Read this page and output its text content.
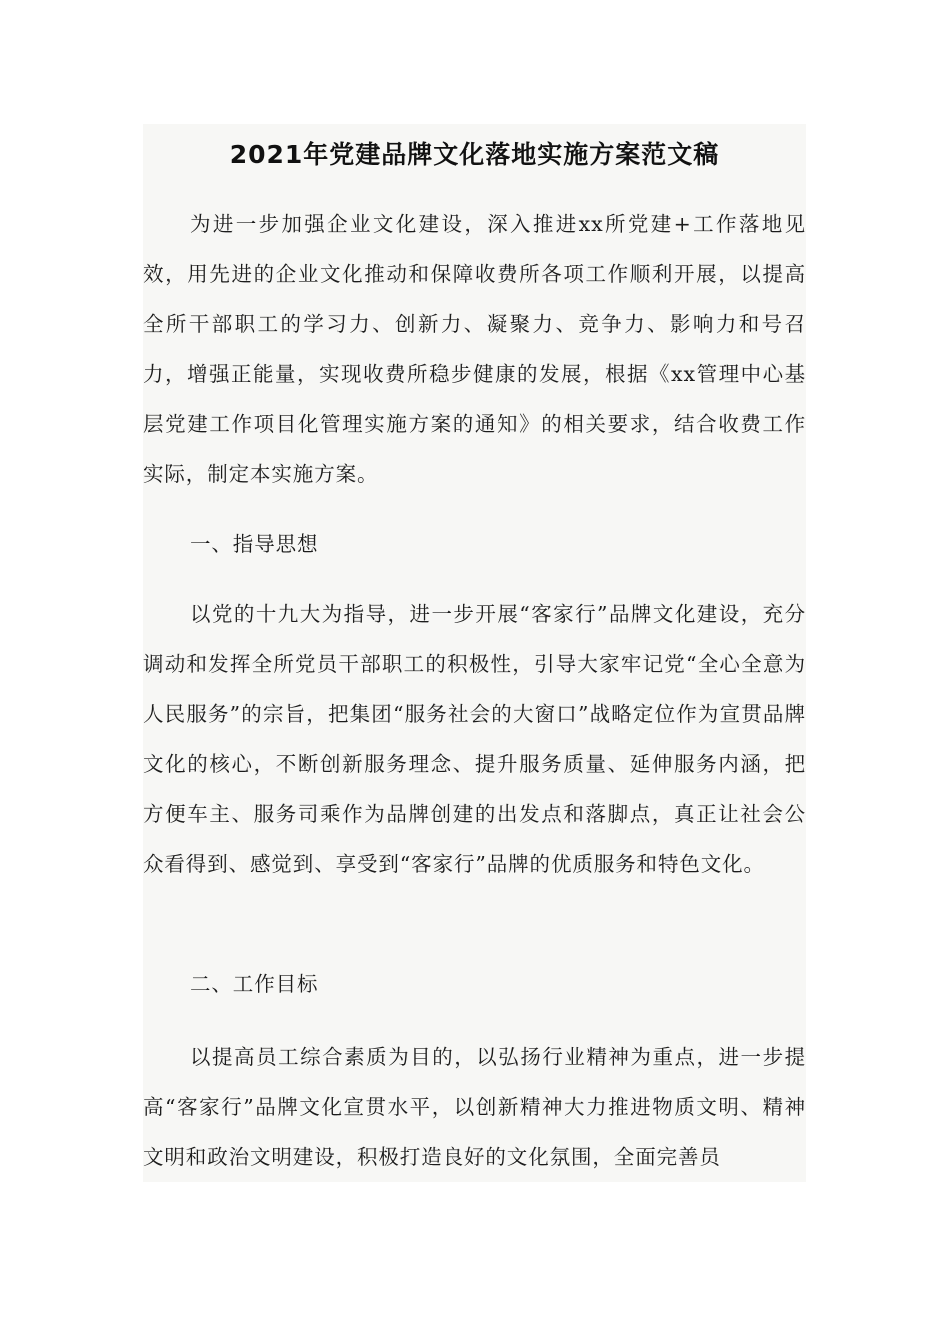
2021年党建品牌文化落地实施方案范文稿

为进一步加强企业文化建设，深入推进xx所党建+工作落地见效，用先进的企业文化推动和保障收费所各项工作顺利开展，以提高全所干部职工的学习力、创新力、凝聚力、竞争力、影响力和号召力，增强正能量，实现收费所稳步健康的发展，根据《xx管理中心基层党建工作项目化管理实施方案的通知》的相关要求，结合收费工作实际，制定本实施方案。

一、指导思想

以党的十九大为指导，进一步开展“客家行”品牌文化建设，充分调动和发挥全所党员干部职工的积极性，引导大家牢记党“全心全意为人民服务”的宗旨，把集团“服务社会的大窗口”战略定位作为宣贯品牌文化的核心，不断创新服务理念、提升服务质量、延伸服务内涵，把方便车主、服务司乘作为品牌创建的出发点和落脚点，真正让社会公众看得到、感觉到、享受到“客家行”品牌的优质服务和特色文化。

二、工作目标

以提高员工综合素质为目的，以弘扬行业精神为重点，进一步提高“客家行”品牌文化宣贯水平，以创新精神大力推进物质文明、精神文明和政治文明建设，积极打造良好的文化氛围，全面完善员
